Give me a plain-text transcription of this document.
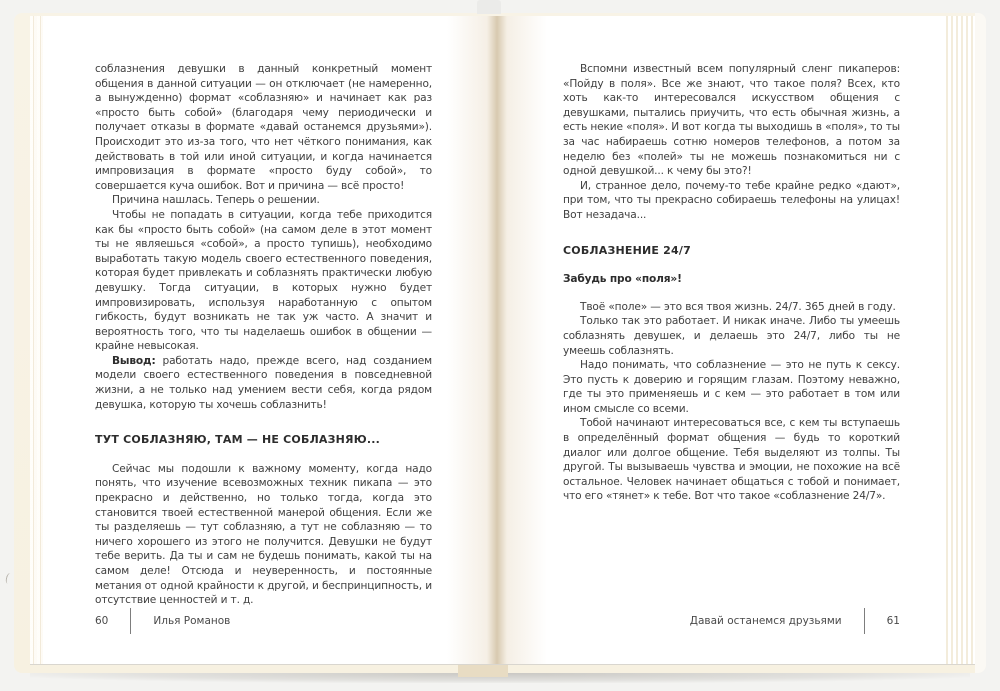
соблазнения девушки в данный конкретный момент общения в данной ситуации — он отключает (не намеренно, а вынужденно) формат «соблазняю» и начинает как раз «просто быть собой» (благодаря чему периодически и получает отказы в формате «давай останемся друзьями»). Происходит это из-за того, что нет чёткого понимания, как действовать в той или иной ситуации, и когда начинается импровизация в формате «просто буду собой», то совершается куча ошибок. Вот и причина — всё просто!

Причина нашлась. Теперь о решении.

Чтобы не попадать в ситуации, когда тебе приходится как бы «просто быть собой» (на самом деле в этот момент ты не являешься «собой», а просто тупишь), необходимо выработать такую модель своего естественного поведения, которая будет привлекать и соблазнять практически любую девушку. Тогда ситуации, в которых нужно будет импровизировать, используя наработанную с опытом гибкость, будут возникать не так уж часто. А значит и вероятность того, что ты наделаешь ошибок в общении — крайне невысокая.

Вывод: работать надо, прежде всего, над созданием модели своего естественного поведения в повседневной жизни, а не только над умением вести себя, когда рядом девушка, которую ты хочешь соблазнить!

ТУТ СОБЛАЗНЯЮ, ТАМ — НЕ СОБЛАЗНЯЮ...

Сейчас мы подошли к важному моменту, когда надо понять, что изучение всевозможных техник пикапа — это прекрасно и действенно, но только тогда, когда это становится твоей естественной манерой общения. Если же ты разделяешь — тут соблазняю, а тут не соблазняю — то ничего хорошего из этого не получится. Девушки не будут тебе верить. Да ты и сам не будешь понимать, какой ты на самом деле! Отсюда и неуверенность, и постоянные метания от одной крайности к другой, и беспринципность, и отсутствие ценностей и т. д.

Вспомни известный всем популярный сленг пикаперов: «Пойду в поля». Все же знают, что такое поля? Всех, кто хоть как-то интересовался искусством общения с девушками, пытались приучить, что есть обычная жизнь, а есть некие «поля». И вот когда ты выходишь в «поля», то ты за час набираешь сотню номеров телефонов, а потом за неделю без «полей» ты не можешь познакомиться ни с одной девушкой... к чему бы это?!

И, странное дело, почему-то тебе крайне редко «дают», при том, что ты прекрасно собираешь телефоны на улицах! Вот незадача...

СОБЛАЗНЕНИЕ 24/7

Забудь про «поля»!

Твоё «поле» — это вся твоя жизнь. 24/7. 365 дней в году.

Только так это работает. И никак иначе. Либо ты умеешь соблазнять девушек, и делаешь это 24/7, либо ты не умеешь соблазнять.

Надо понимать, что соблазнение — это не путь к сексу. Это пусть к доверию и горящим глазам. Поэтому неважно, где ты это применяешь и с кем — это работает в том или ином смысле со всеми.

Тобой начинают интересоваться все, с кем ты вступаешь в определённый формат общения — будь то короткий диалог или долгое общение. Тебя выделяют из толпы. Ты другой. Ты вызываешь чувства и эмоции, не похожие на всё остальное. Человек начинает общаться с тобой и понимает, что его «тянет» к тебе. Вот что такое «соблазнение 24/7».

60	Илья Романов	Давай останемся друзьями	61
